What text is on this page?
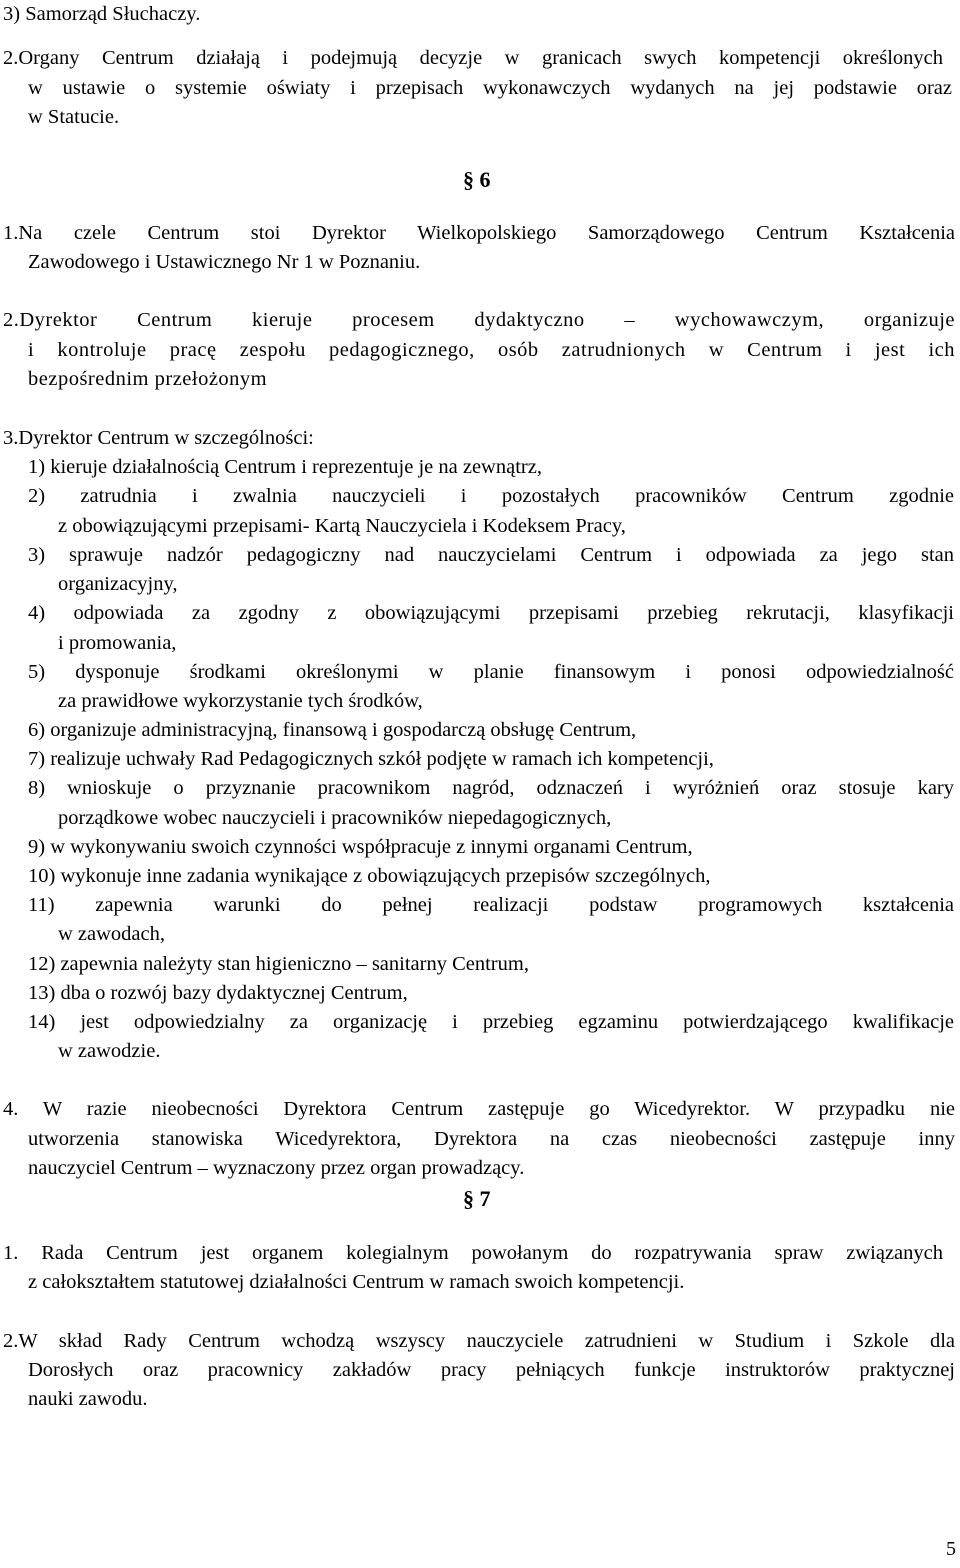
3) Samorząd Słuchaczy.
2.Organy Centrum działają i podejmują decyzje w granicach swych kompetencji określonych
w ustawie o systemie oświaty i przepisach wykonawczych wydanych na jej podstawie oraz
w Statucie.
§ 6
1.Na czele Centrum stoi Dyrektor Wielkopolskiego Samorządowego Centrum Kształcenia
Zawodowego i Ustawicznego Nr 1 w Poznaniu.
2.Dyrektor Centrum kieruje procesem dydaktyczno – wychowawczym, organizuje
i kontroluje pracę zespołu pedagogicznego, osób zatrudnionych w Centrum i jest ich
bezpośrednim przełożonym
3.Dyrektor Centrum w szczególności:
1) kieruje działalnością Centrum i reprezentuje je na zewnątrz,
2) zatrudnia i zwalnia nauczycieli i pozostałych pracowników Centrum zgodnie
z obowiązującymi przepisami- Kartą Nauczyciela i Kodeksem Pracy,
3) sprawuje nadzór pedagogiczny nad nauczycielami Centrum i odpowiada za jego stan
organizacyjny,
4) odpowiada za zgodny z obowiązującymi przepisami przebieg rekrutacji, klasyfikacji
i promowania,
5) dysponuje środkami określonymi w planie finansowym i ponosi odpowiedzialność
za prawidłowe wykorzystanie tych środków,
6) organizuje administracyjną, finansową i gospodarczą obsługę Centrum,
7) realizuje uchwały Rad Pedagogicznych szkół podjęte w ramach ich kompetencji,
8) wnioskuje o przyznanie pracownikom nagród, odznaczeń i wyróżnień oraz stosuje kary
porządkowe wobec nauczycieli i pracowników niepedagogicznych,
9) w wykonywaniu swoich czynności współpracuje z innymi organami Centrum,
10) wykonuje inne zadania wynikające z obowiązujących przepisów szczególnych,
11) zapewnia warunki do pełnej realizacji podstaw programowych kształcenia
w zawodach,
12) zapewnia należyty stan higieniczno – sanitarny Centrum,
13) dba o rozwój bazy dydaktycznej Centrum,
14) jest odpowiedzialny za organizację i przebieg egzaminu potwierdzającego kwalifikacje
w zawodzie.
4. W razie nieobecności Dyrektora Centrum zastępuje go Wicedyrektor. W przypadku nie
utworzenia stanowiska Wicedyrektora, Dyrektora na czas nieobecności zastępuje inny
nauczyciel Centrum – wyznaczony przez organ prowadzący.
§ 7
1. Rada Centrum jest organem kolegialnym powołanym do rozpatrywania spraw związanych
z całokształtem statutowej działalności Centrum w ramach swoich kompetencji.
2.W skład Rady Centrum wchodzą wszyscy nauczyciele zatrudnieni w Studium i Szkole dla
Dorosłych oraz pracownicy zakładów pracy pełniących funkcje instruktorów praktycznej
nauki zawodu.
5
